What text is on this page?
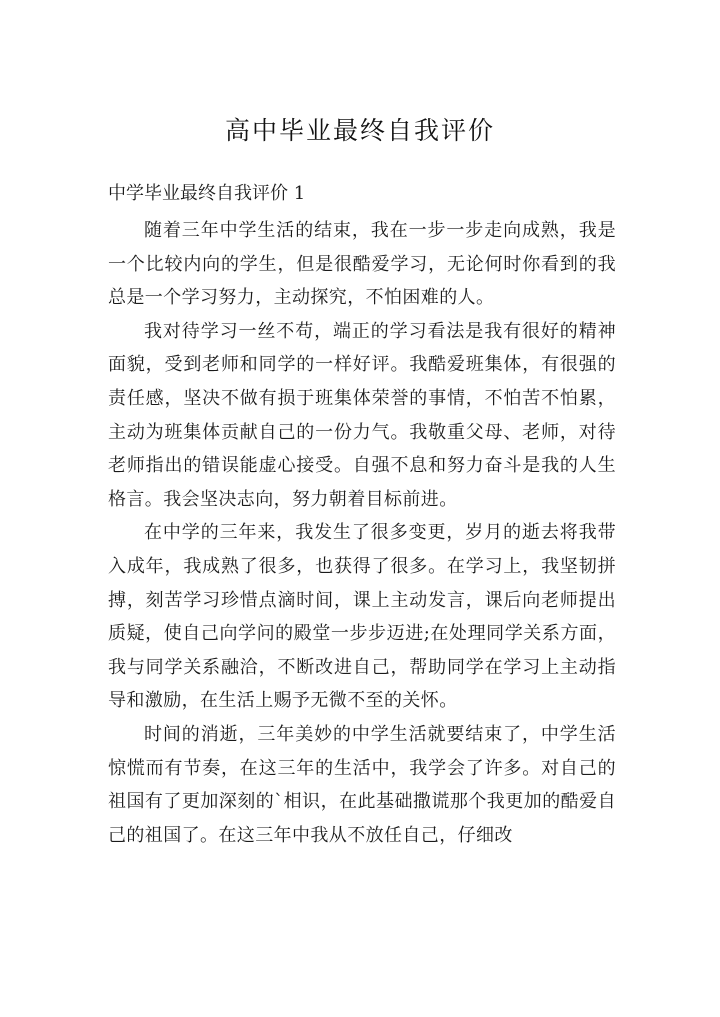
高中毕业最终自我评价
中学毕业最终自我评价 1

随着三年中学生活的结束，我在一步一步走向成熟，我是一个比较内向的学生，但是很酷爱学习，无论何时你看到的我总是一个学习努力，主动探究，不怕困难的人。

我对待学习一丝不苟，端正的学习看法是我有很好的精神面貌，受到老师和同学的一样好评。我酷爱班集体，有很强的责任感，坚决不做有损于班集体荣誉的事情，不怕苦不怕累，主动为班集体贡献自己的一份力气。我敬重父母、老师，对待老师指出的错误能虚心接受。自强不息和努力奋斗是我的人生格言。我会坚决志向，努力朝着目标前进。

在中学的三年来，我发生了很多变更，岁月的逝去将我带入成年，我成熟了很多，也获得了很多。在学习上，我坚韧拼搏，刻苦学习珍惜点滴时间，课上主动发言，课后向老师提出质疑，使自己向学问的殿堂一步步迈进;在处理同学关系方面，我与同学关系融洽，不断改进自己，帮助同学在学习上主动指导和激励，在生活上赐予无微不至的关怀。

时间的消逝，三年美妙的中学生活就要结束了，中学生活惊慌而有节奏，在这三年的生活中，我学会了许多。对自己的祖国有了更加深刻的`相识，在此基础撒谎那个我更加的酷爱自己的祖国了。在这三年中我从不放任自己，仔细改
